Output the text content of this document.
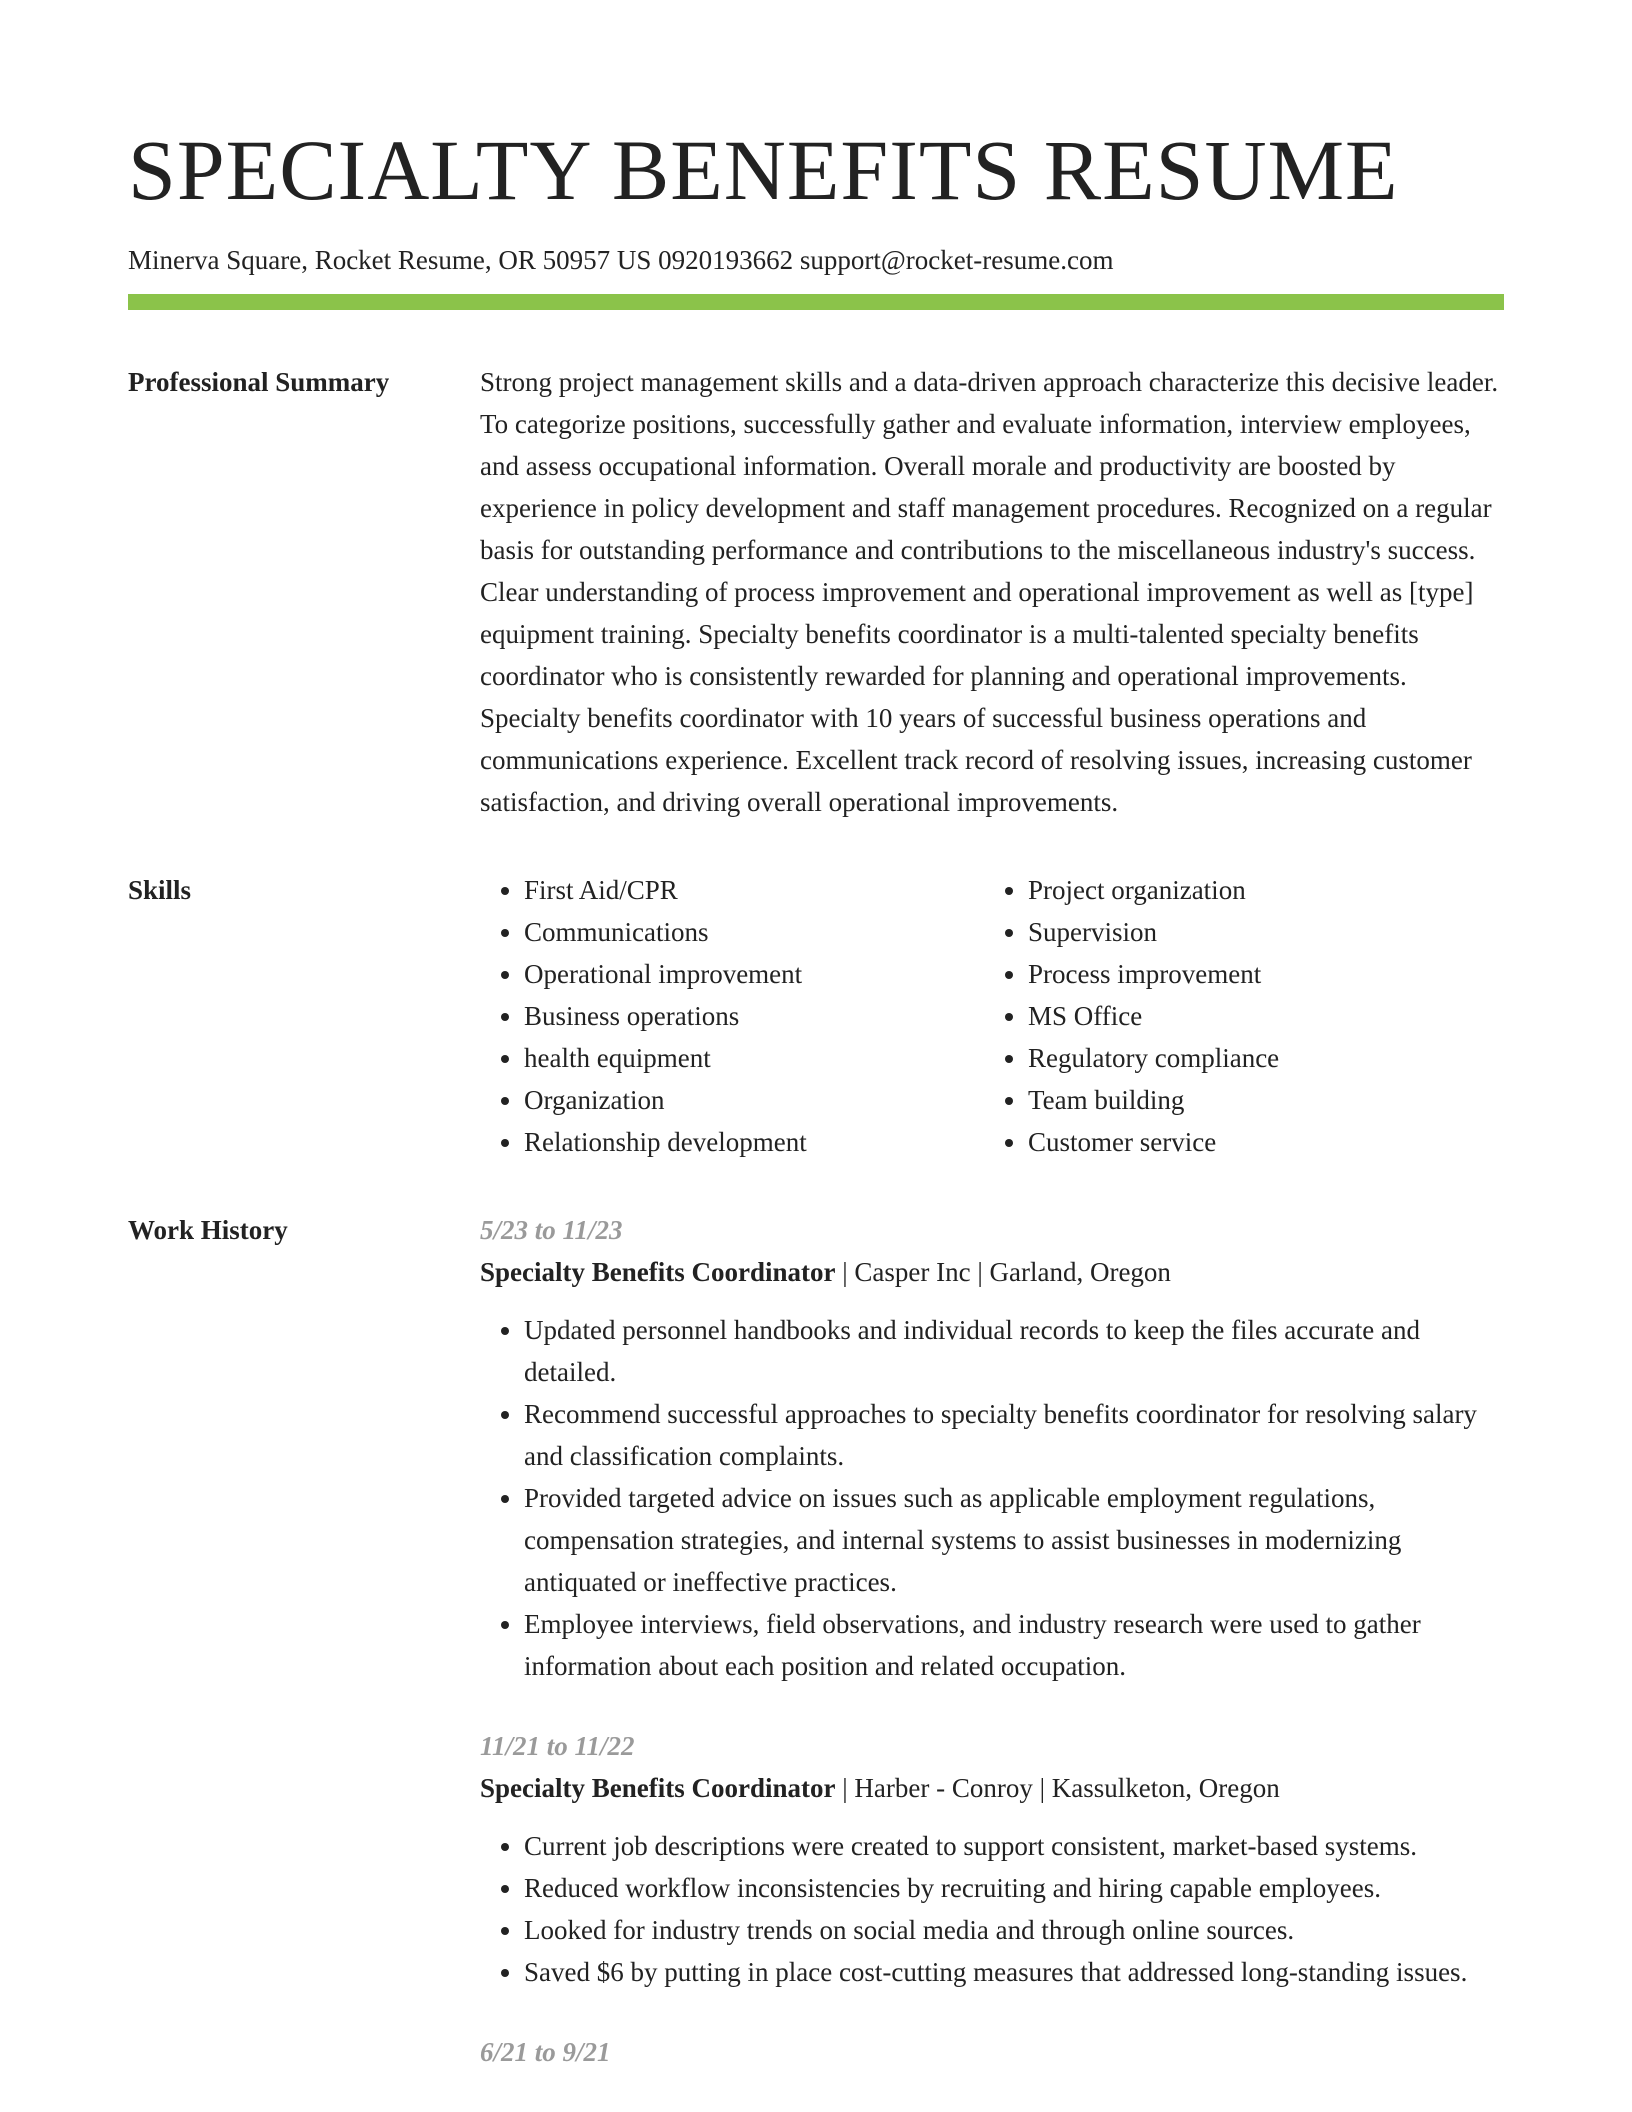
SPECIALTY BENEFITS RESUME
Minerva Square, Rocket Resume, OR 50957 US 0920193662 support@rocket-resume.com
Professional Summary	Strong project management skills and a data-driven approach characterize this decisive leader. To categorize positions, successfully gather and evaluate information, interview employees, and assess occupational information. Overall morale and productivity are boosted by experience in policy development and staff management procedures. Recognized on a regular basis for outstanding performance and contributions to the miscellaneous industry's success. Clear understanding of process improvement and operational improvement as well as [type] equipment training. Specialty benefits coordinator is a multi-talented specialty benefits coordinator who is consistently rewarded for planning and operational improvements. Specialty benefits coordinator with 10 years of successful business operations and communications experience. Excellent track record of resolving issues, increasing customer satisfaction, and driving overall operational improvements.

Skills
•	First Aid/CPR
• Communications
• Operational improvement
• Business operations
• health equipment
• Organization
• Relationship development
• Project organization
• Supervision
• Process improvement
• MS Office
• Regulatory compliance
• Team building
• Customer service
Work History	5/23 to 11/23
Specialty Benefits Coordinator | Casper Inc | Garland, Oregon
• Updated personnel handbooks and individual records to keep the files accurate and detailed.
• Recommend successful approaches to specialty benefits coordinator for resolving salary and classification complaints.
• Provided targeted advice on issues such as applicable employment regulations, compensation strategies, and internal systems to assist businesses in modernizing antiquated or ineffective practices.
• Employee interviews, field observations, and industry research were used to gather information about each position and related occupation.
11/21 to 11/22
Specialty Benefits Coordinator | Harber - Conroy | Kassulketon, Oregon
• Current job descriptions were created to support consistent, market-based systems.
• Reduced workflow inconsistencies by recruiting and hiring capable employees.
• Looked for industry trends on social media and through online sources.
• Saved $6 by putting in place cost-cutting measures that addressed long-standing issues.
6/21 to 9/21
